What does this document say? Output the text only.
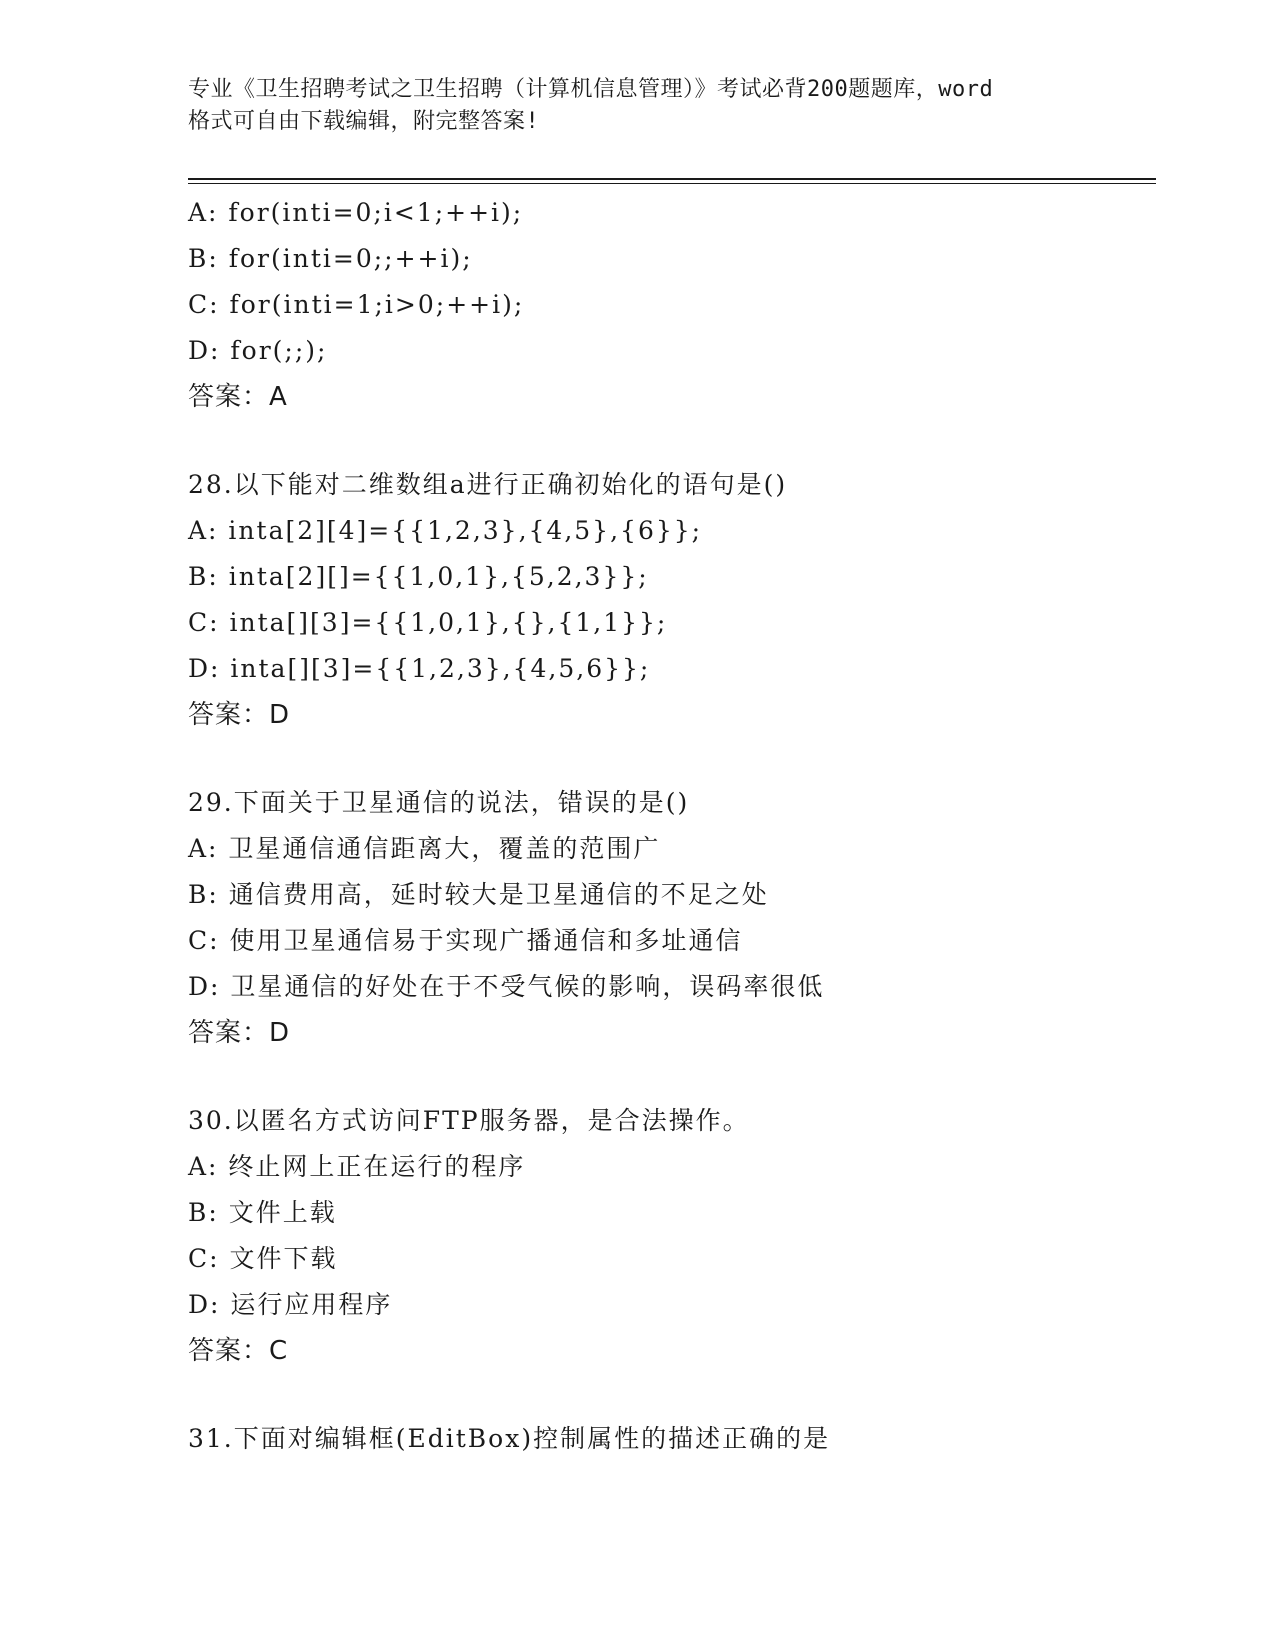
专业《卫生招聘考试之卫生招聘（计算机信息管理）》考试必背200题题库，word
格式可自由下载编辑，附完整答案!
A: for(inti=0;i<1;++i);
B: for(inti=0;;++i);
C: for(inti=1;i>0;++i);
D: for(;;);
答案：A
28.以下能对二维数组a进行正确初始化的语句是()
A: inta[2][4]={{1,2,3},{4,5},{6}};
B: inta[2][]={{1,0,1},{5,2,3}};
C: inta[][3]={{1,0,1},{},{1,1}};
D: inta[][3]={{1,2,3},{4,5,6}};
答案：D
29.下面关于卫星通信的说法，错误的是()
A: 卫星通信通信距离大，覆盖的范围广
B: 通信费用高，延时较大是卫星通信的不足之处
C: 使用卫星通信易于实现广播通信和多址通信
D: 卫星通信的好处在于不受气候的影响，误码率很低
答案：D
30.以匿名方式访问FTP服务器，是合法操作。
A: 终止网上正在运行的程序
B: 文件上载
C: 文件下载
D: 运行应用程序
答案：C
31.下面对编辑框(EditBox)控制属性的描述正确的是
